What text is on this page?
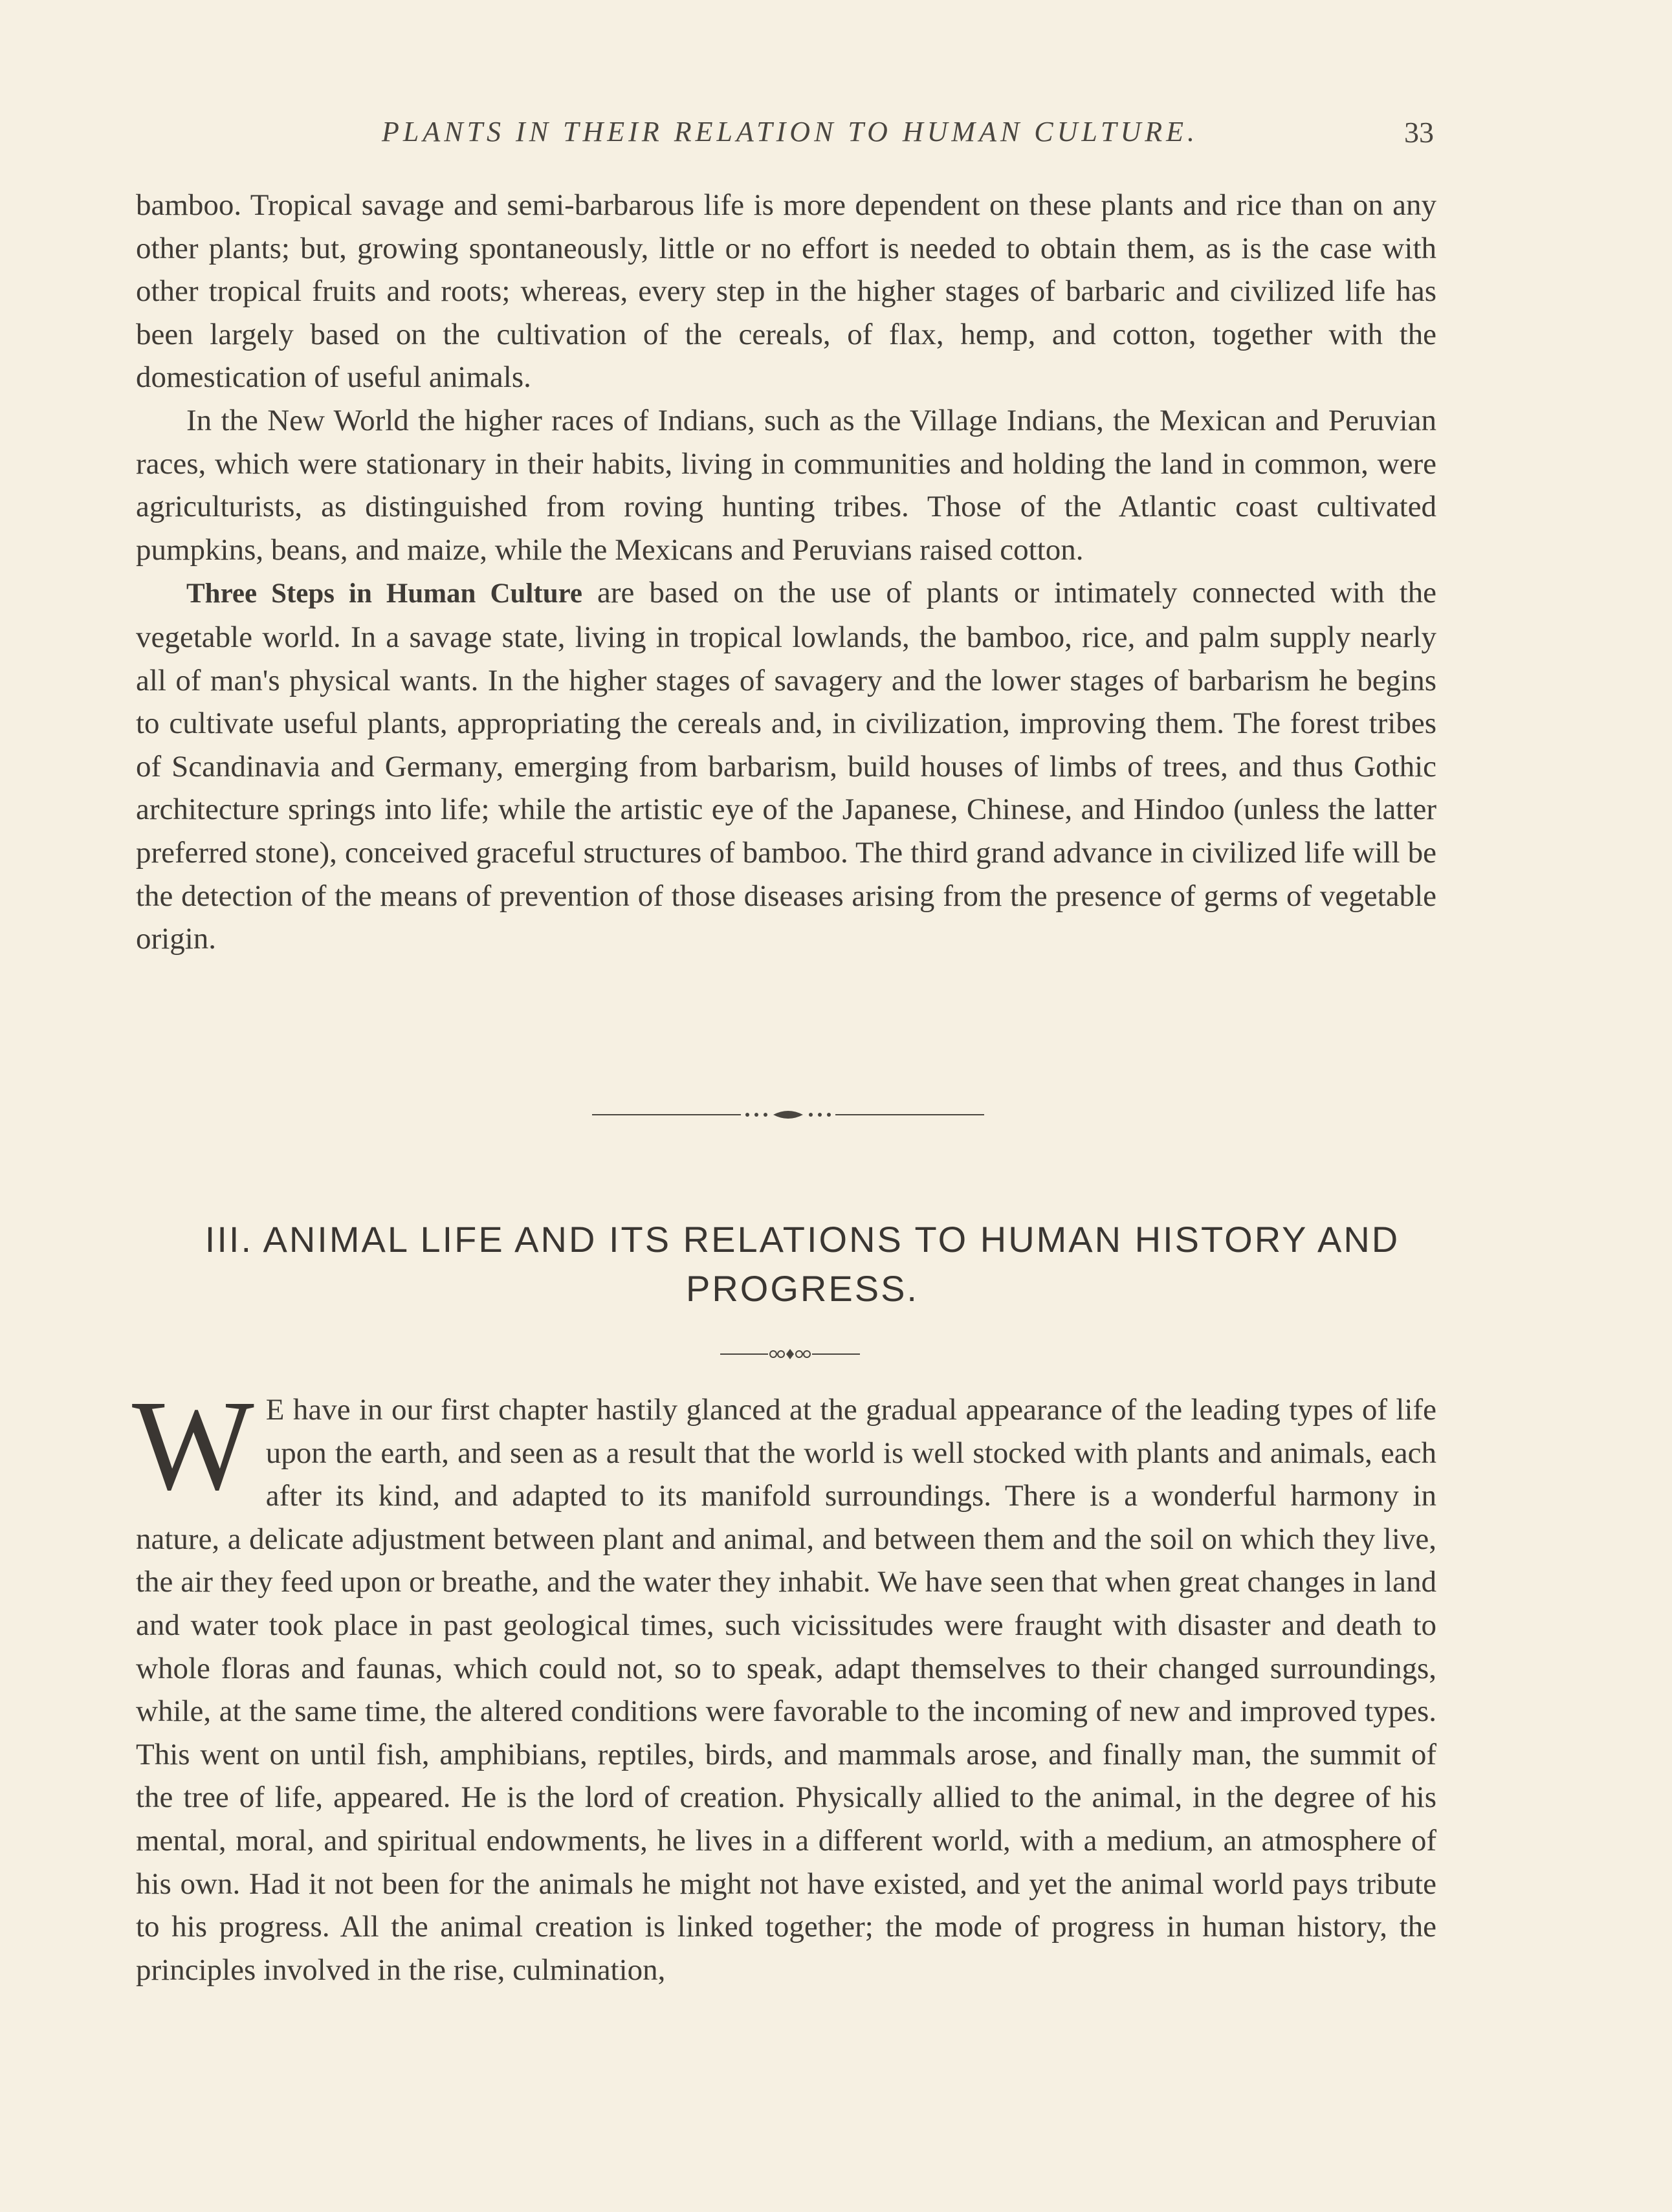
PLANTS IN THEIR RELATION TO HUMAN CULTURE.	33

bamboo. Tropical savage and semi-barbarous life is more dependent on these plants and rice than on any other plants; but, growing spontaneously, little or no effort is needed to obtain them, as is the case with other tropical fruits and roots; whereas, every step in the higher stages of barbaric and civilized life has been largely based on the cultivation of the cereals, of flax, hemp, and cotton, together with the domestication of useful animals.

In the New World the higher races of Indians, such as the Village Indians, the Mexican and Peruvian races, which were stationary in their habits, living in communities and holding the land in common, were agriculturists, as distinguished from roving hunting tribes. Those of the Atlantic coast cultivated pumpkins, beans, and maize, while the Mexicans and Peruvians raised cotton.

Three Steps in Human Culture are based on the use of plants or intimately connected with the vegetable world. In a savage state, living in tropical lowlands, the bamboo, rice, and palm supply nearly all of man's physical wants. In the higher stages of savagery and the lower stages of barbarism he begins to cultivate useful plants, appropriating the cereals and, in civilization, improving them. The forest tribes of Scandinavia and Germany, emerging from barbarism, build houses of limbs of trees, and thus Gothic architecture springs into life; while the artistic eye of the Japanese, Chinese, and Hindoo (unless the latter preferred stone), conceived graceful structures of bamboo. The third grand advance in civilized life will be the detection of the means of prevention of those diseases arising from the presence of germs of vegetable origin.

III. ANIMAL LIFE AND ITS RELATIONS TO HUMAN HISTORY AND
PROGRESS.

W E have in our first chapter hastily glanced at the gradual appearance of the leading types of life upon the earth, and seen as a result that the world is well stocked with plants and animals, each after its kind, and adapted to its manifold surroundings. There is a wonderful harmony in nature, a delicate adjustment between plant and animal, and between them and the soil on which they live, the air they feed upon or breathe, and the water they inhabit. We have seen that when great changes in land and water took place in past geological times, such vicissitudes were fraught with disaster and death to whole floras and faunas, which could not, so to speak, adapt themselves to their changed surroundings, while, at the same time, the altered conditions were favorable to the incoming of new and improved types. This went on until fish, amphibians, reptiles, birds, and mammals arose, and finally man, the summit of the tree of life, appeared. He is the lord of creation. Physically allied to the animal, in the degree of his mental, moral, and spiritual endowments, he lives in a different world, with a medium, an atmosphere of his own. Had it not been for the animals he might not have existed, and yet the animal world pays tribute to his progress. All the animal creation is linked together; the mode of progress in human history, the principles involved in the rise, culmination,
